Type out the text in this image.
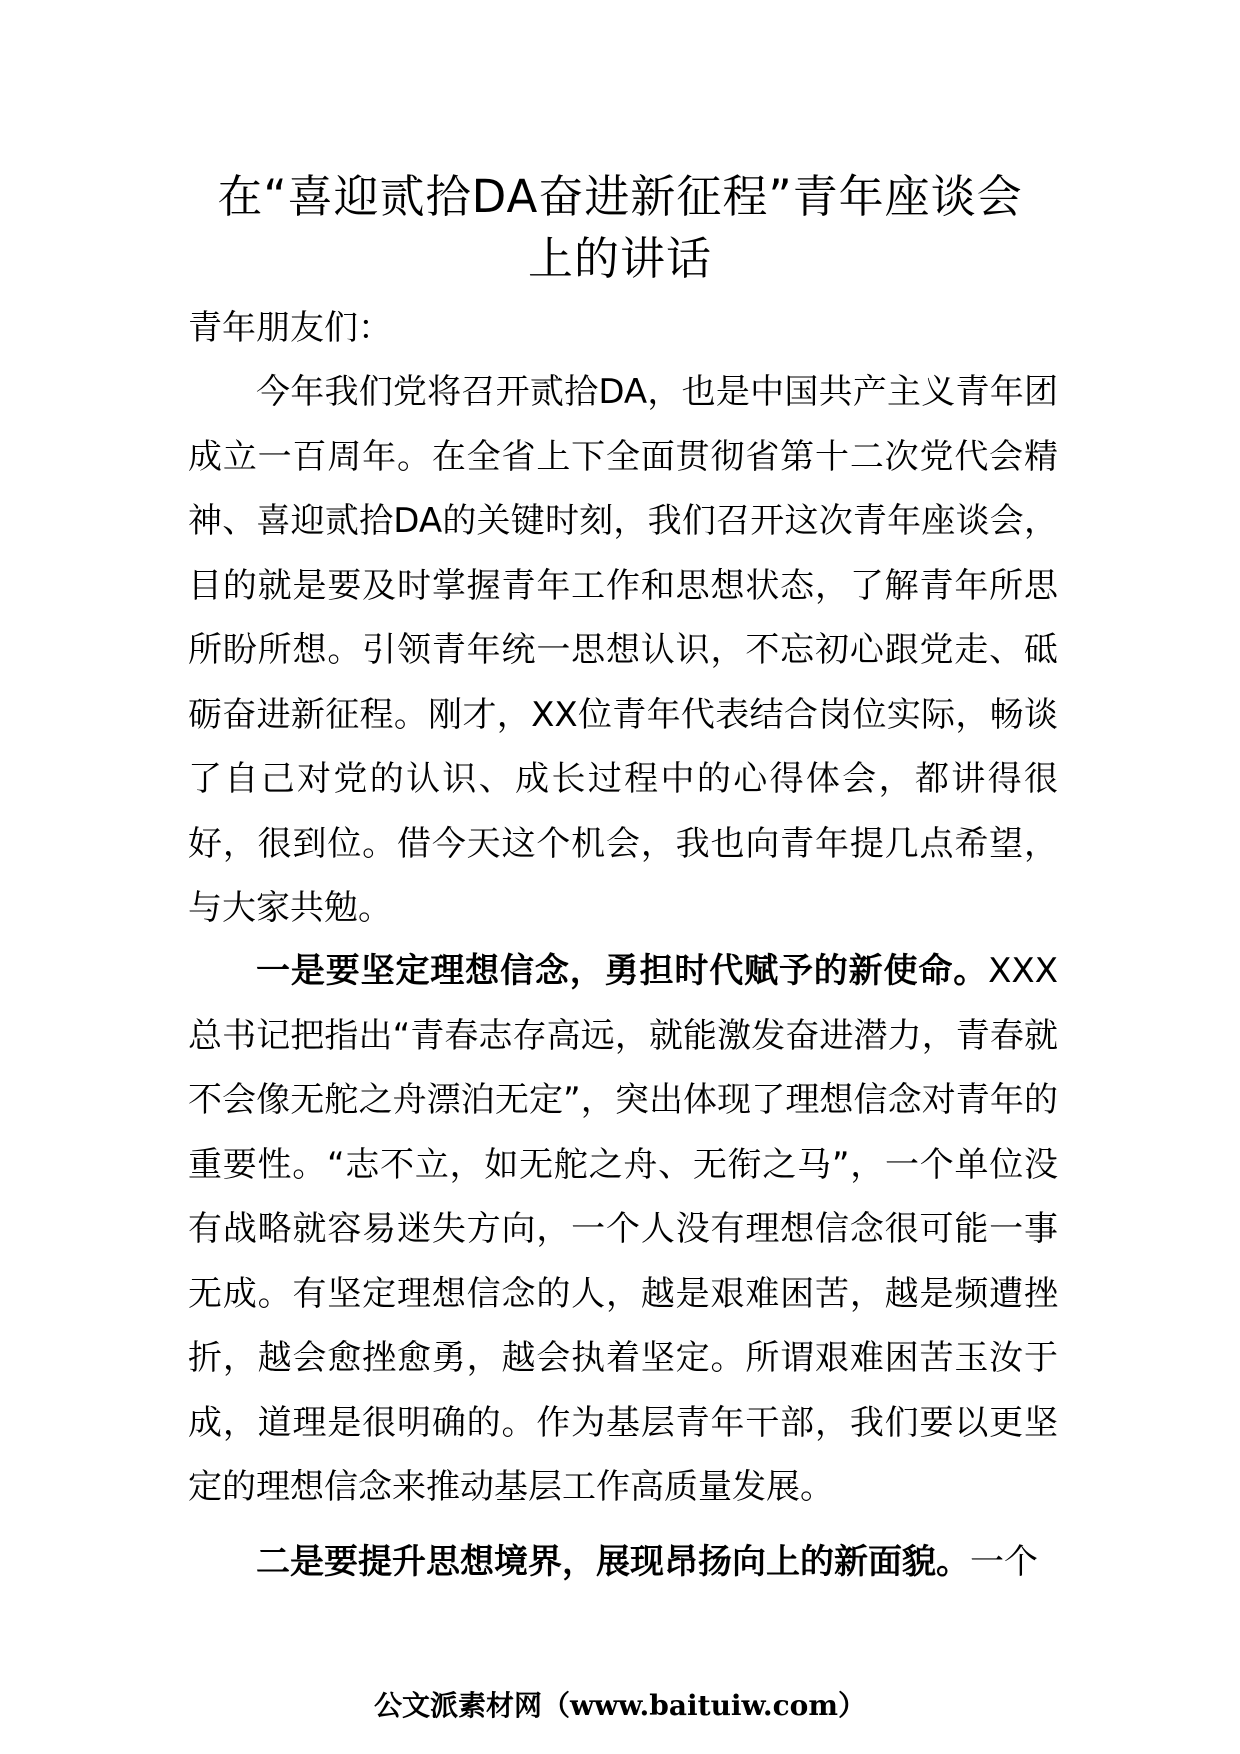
在“喜迎贰拾DA奋进新征程”青年座谈会
上的讲话

青年朋友们：

今年我们党将召开贰拾DA，也是中国共产主义青年团成立一百周年。在全省上下全面贯彻省第十二次党代会精神、喜迎贰拾DA的关键时刻，我们召开这次青年座谈会，目的就是要及时掌握青年工作和思想状态，了解青年所思所盼所想。引领青年统一思想认识，不忘初心跟党走、砥砺奋进新征程。刚才，XX位青年代表结合岗位实际，畅谈了自己对党的认识、成长过程中的心得体会，都讲得很好，很到位。借今天这个机会，我也向青年提几点希望，与大家共勉。

一是要坚定理想信念，勇担时代赋予的新使命。XXX总书记把指出“青春志存高远，就能激发奋进潜力，青春就不会像无舵之舟漂泊无定”，突出体现了理想信念对青年的重要性。“志不立，如无舵之舟、无衔之马”，一个单位没有战略就容易迷失方向，一个人没有理想信念很可能一事无成。有坚定理想信念的人，越是艰难困苦，越是频遭挫折，越会愈挫愈勇，越会执着坚定。所谓艰难困苦玉汝于成，道理是很明确的。作为基层青年干部，我们要以更坚定的理想信念来推动基层工作高质量发展。

二是要提升思想境界，展现昂扬向上的新面貌。一个

公文派素材网（www.baituiw.com）
